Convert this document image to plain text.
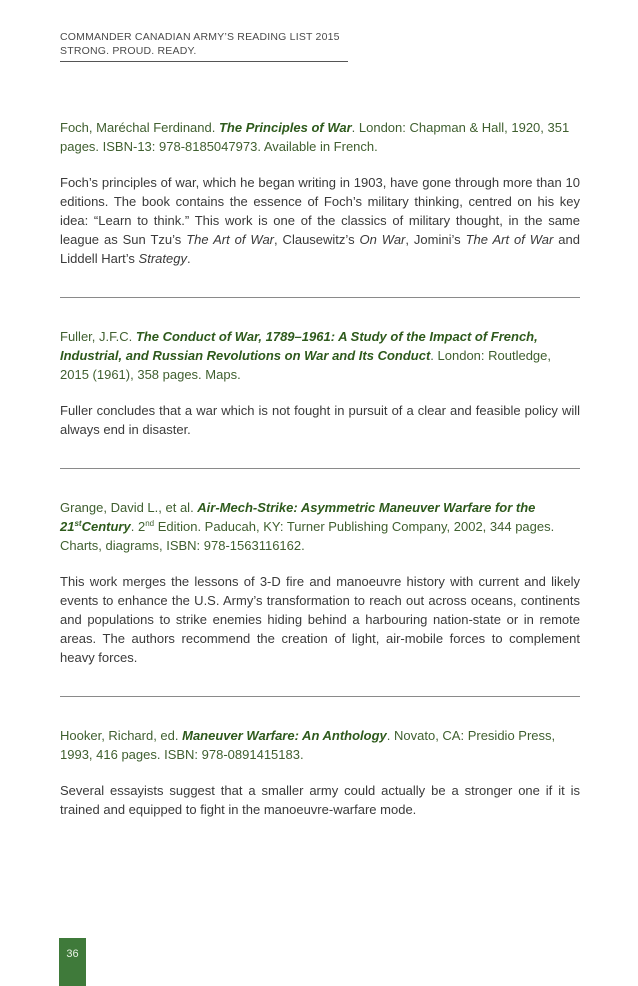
COMMANDER CANADIAN ARMY’S READING LIST 2015
STRONG. PROUD. READY.

Foch, Maréchal Ferdinand. The Principles of War. London: Chapman & Hall, 1920, 351 pages. ISBN-13: 978-8185047973. Available in French.

Foch’s principles of war, which he began writing in 1903, have gone through more than 10 editions. The book contains the essence of Foch’s military thinking, centred on his key idea: “Learn to think.” This work is one of the classics of military thought, in the same league as Sun Tzu’s The Art of War, Clausewitz’s On War, Jomini’s The Art of War and Liddell Hart’s Strategy.

Fuller, J.F.C. The Conduct of War, 1789–1961: A Study of the Impact of French, Industrial, and Russian Revolutions on War and Its Conduct. London: Routledge, 2015 (1961), 358 pages. Maps.

Fuller concludes that a war which is not fought in pursuit of a clear and feasible policy will always end in disaster.

Grange, David L., et al. Air-Mech-Strike: Asymmetric Maneuver Warfare for the 21stCentury. 2nd Edition. Paducah, KY: Turner Publishing Company, 2002, 344 pages. Charts, diagrams, ISBN: 978-1563116162.

This work merges the lessons of 3-D fire and manoeuvre history with current and likely events to enhance the U.S. Army’s transformation to reach out across oceans, continents and populations to strike enemies hiding behind a harbouring nation-state or in remote areas. The authors recommend the creation of light, air-mobile forces to complement heavy forces.

Hooker, Richard, ed. Maneuver Warfare: An Anthology. Novato, CA: Presidio Press, 1993, 416 pages. ISBN: 978-0891415183.

Several essayists suggest that a smaller army could actually be a stronger one if it is trained and equipped to fight in the manoeuvre-warfare mode.

36
